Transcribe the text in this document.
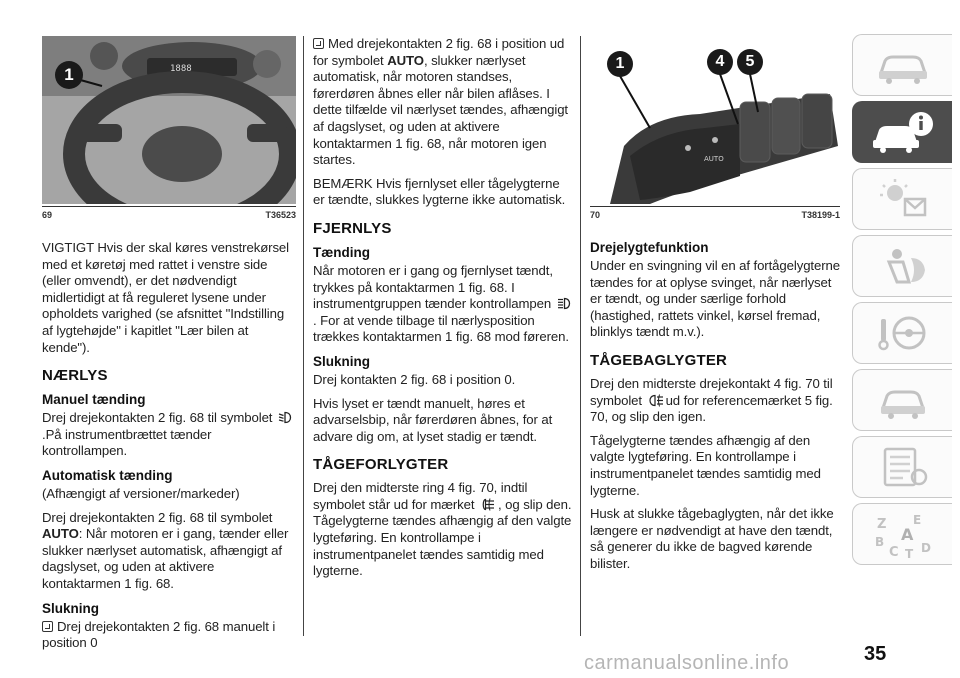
1888
1
69	T36523

VIGTIGT Hvis der skal køres venstrekørsel med et køretøj med rattet i venstre side (eller omvendt), er det nødvendigt midlertidigt at få reguleret lysene under opholdets varighed (se afsnittet "Indstilling af lygtehøjde" i kapitlet "Lær bilen at kende").

NÆRLYS
Manuel tænding

Drej drejekontakten 2 fig. 68 til symbolet .På instrumentbrættet tænder kontrollampen.

Automatisk tænding

(Afhængigt af versioner/markeder)

Drej drejekontakten 2 fig. 68 til symbolet AUTO: Når motoren er i gang, tænder eller slukker nærlyset automatisk, afhængigt af dagslyset, og uden at aktivere kontaktarmen 1 fig. 68.

Slukning

Drej drejekontakten 2 fig. 68 manuelt i position 0

Med drejekontakten 2 fig. 68 i position ud for symbolet AUTO, slukker nærlyset automatisk, når motoren standses, førerdøren åbnes eller når bilen aflåses. I dette tilfælde vil nærlyset tændes, afhængigt af dagslyset, og uden at aktivere kontaktarmen 1 fig. 68, når motoren igen startes.

BEMÆRK Hvis fjernlyset eller tågelygterne er tændte, slukkes lygterne ikke automatisk.

FJERNLYS
Tænding

Når motoren er i gang og fjernlyset tændt, trykkes på kontaktarmen 1 fig. 68. I instrumentgruppen tænder kontrollampen . For at vende tilbage til nærlysposition trækkes kontaktarmen 1 fig. 68 mod føreren.

Slukning

Drej kontakten 2 fig. 68 i position 0.

Hvis lyset er tændt manuelt, høres et advarselsbip, når førerdøren åbnes, for at advare dig om, at lyset stadig er tændt.

TÅGEFORLYGTER

Drej den midterste ring 4 fig. 70, indtil symbolet står ud for mærket , og slip den. Tågelygterne tændes afhængig af den valgte lygteføring. En kontrollampe i instrumentpanelet tændes samtidig med lygterne.

AUTO
1	4	5
70	T38199-1
Drejelygtefunktion

Under en svingning vil en af fortågelygterne tændes for at oplyse svinget, når nærlyset er tændt, og under særlige forhold (hastighed, rattets vinkel, kørsel fremad, blinklys tændt m.v.).

TÅGEBAGLYGTER

Drej den midterste drejekontakt 4 fig. 70 til symbolet ud for referencemærket 5 fig. 70, og slip den igen.

Tågelygterne tændes afhængig af den valgte lygteføring. En kontrollampe i instrumentpanelet tændes samtidig med lygterne.

Husk at slukke tågebaglygten, når det ikke længere er nødvendigt at have den tændt, så generer du ikke de bagved kørende bilister.

Z E
B A
C T D
35
carmanualsonline.info
